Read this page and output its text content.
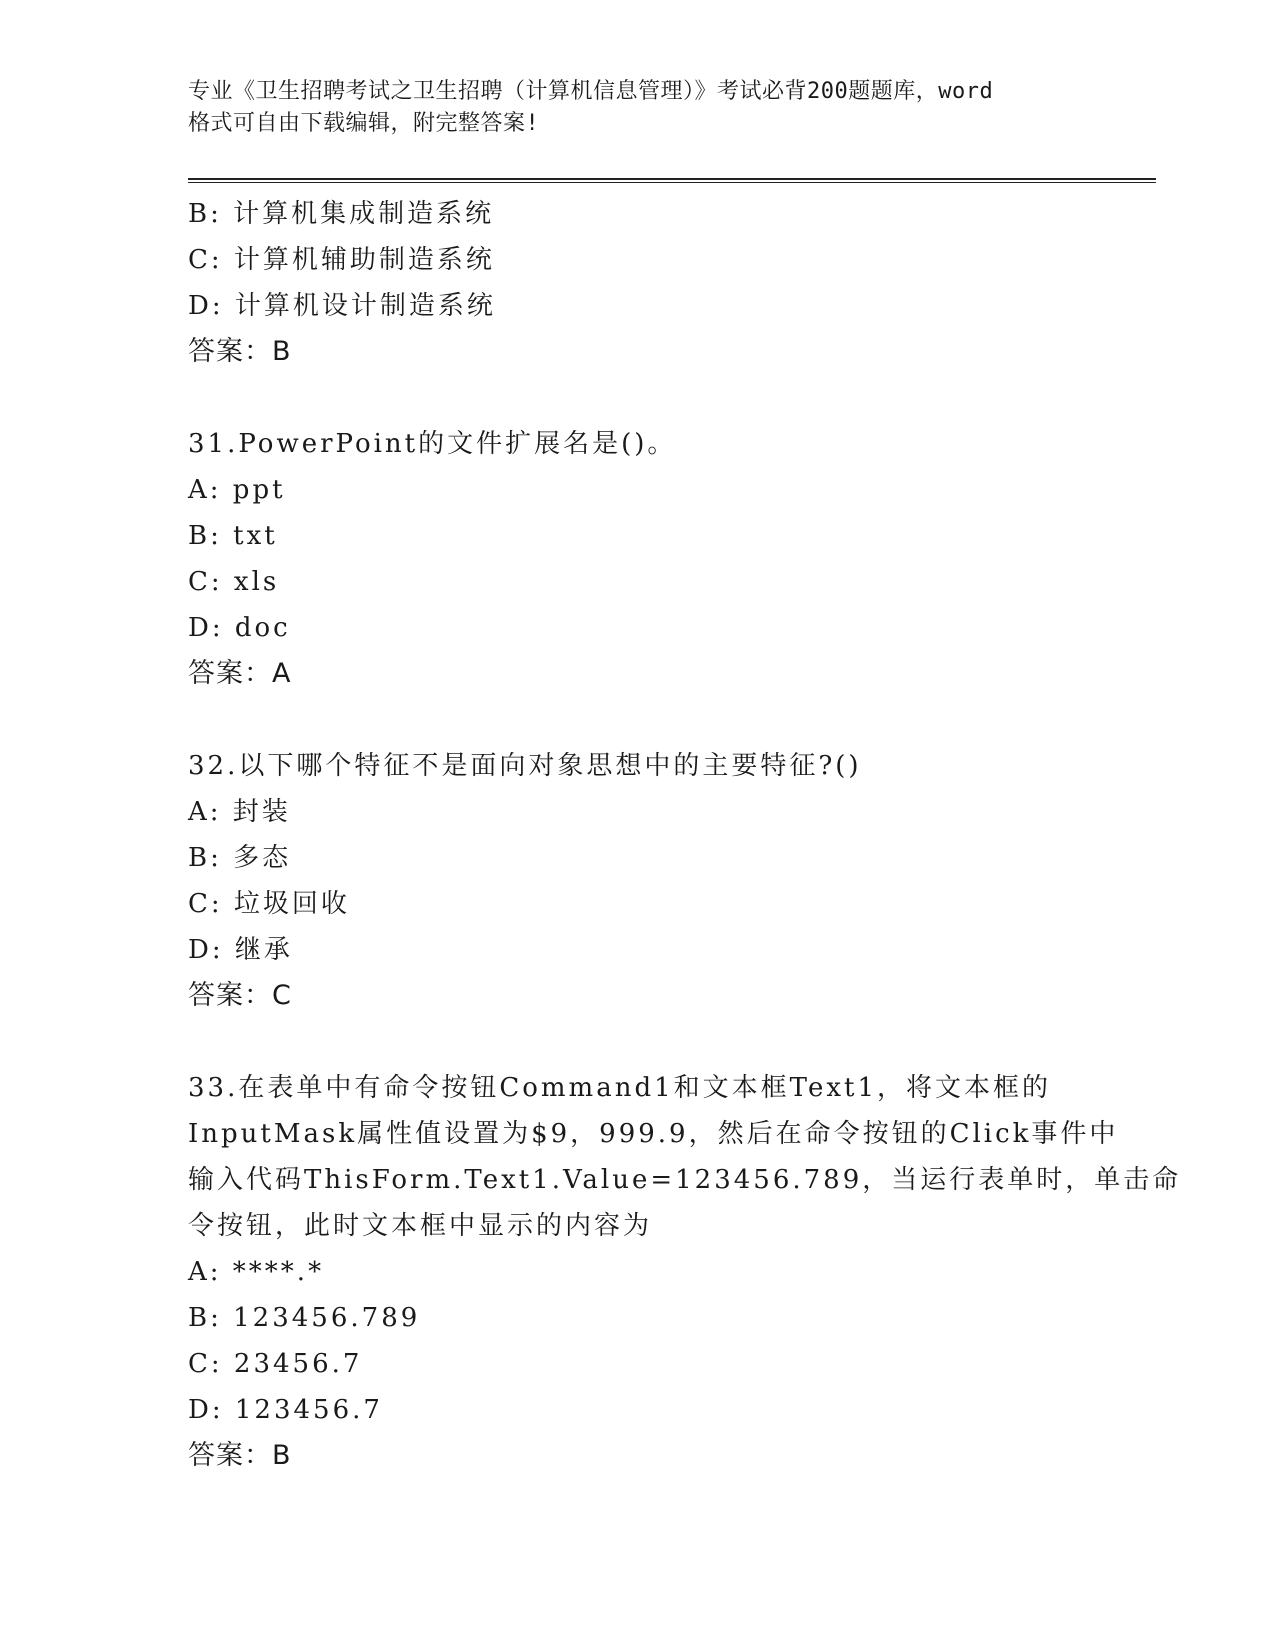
专业《卫生招聘考试之卫生招聘（计算机信息管理）》考试必背200题题库，word
格式可自由下载编辑，附完整答案!
B: 计算机集成制造系统
C: 计算机辅助制造系统
D: 计算机设计制造系统
答案：B
31.PowerPoint的文件扩展名是()。
A: ppt
B: txt
C: xls
D: doc
答案：A
32.以下哪个特征不是面向对象思想中的主要特征?()
A: 封装
B: 多态
C: 垃圾回收
D: 继承
答案：C
33.在表单中有命令按钮Command1和文本框Text1，将文本框的
InputMask属性值设置为$9，999.9，然后在命令按钮的Click事件中
输入代码ThisForm.Text1.Value=123456.789，当运行表单时，单击命
令按钮，此时文本框中显示的内容为
A: ****.*
B: 123456.789
C: 23456.7
D: 123456.7
答案：B
